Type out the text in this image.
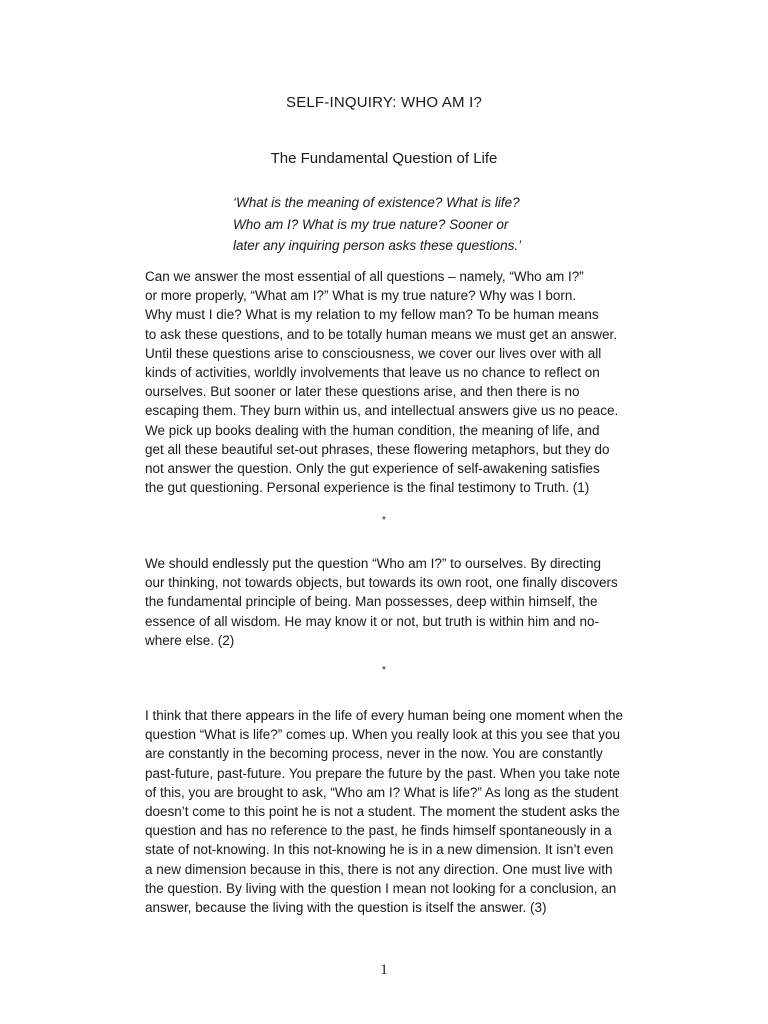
SELF-INQUIRY: WHO AM I?
The Fundamental Question of Life
‘What is the meaning of existence? What is life?
Who am I? What is my true nature? Sooner or
later any inquiring person asks these questions.’
Can we answer the most essential of all questions – namely, “Who am I?”
or more properly, “What am I?” What is my true nature? Why was I born.
Why must I die? What is my relation to my fellow man? To be human means
to ask these questions, and to be totally human means we must get an answer.
Until these questions arise to consciousness, we cover our lives over with all
kinds of activities, worldly involvements that leave us no chance to reflect on
ourselves. But sooner or later these questions arise, and then there is no
escaping them. They burn within us, and intellectual answers give us no peace.
We pick up books dealing with the human condition, the meaning of life, and
get all these beautiful set-out phrases, these flowering metaphors, but they do
not answer the question. Only the gut experience of self-awakening satisfies
the gut questioning. Personal experience is the final testimony to Truth. (1)
*
We should endlessly put the question “Who am I?” to ourselves. By directing
our thinking, not towards objects, but towards its own root, one finally discovers
the fundamental principle of being. Man possesses, deep within himself, the
essence of all wisdom. He may know it or not, but truth is within him and no-
where else. (2)
*
I think that there appears in the life of every human being one moment when the
question “What is life?” comes up. When you really look at this you see that you
are constantly in the becoming process, never in the now. You are constantly
past-future, past-future. You prepare the future by the past. When you take note
of this, you are brought to ask, “Who am I? What is life?” As long as the student
doesn’t come to this point he is not a student. The moment the student asks the
question and has no reference to the past, he finds himself spontaneously in a
state of not-knowing. In this not-knowing he is in a new dimension. It isn’t even
a new dimension because in this, there is not any direction. One must live with
the question. By living with the question I mean not looking for a conclusion, an
answer, because the living with the question is itself the answer. (3)
1
